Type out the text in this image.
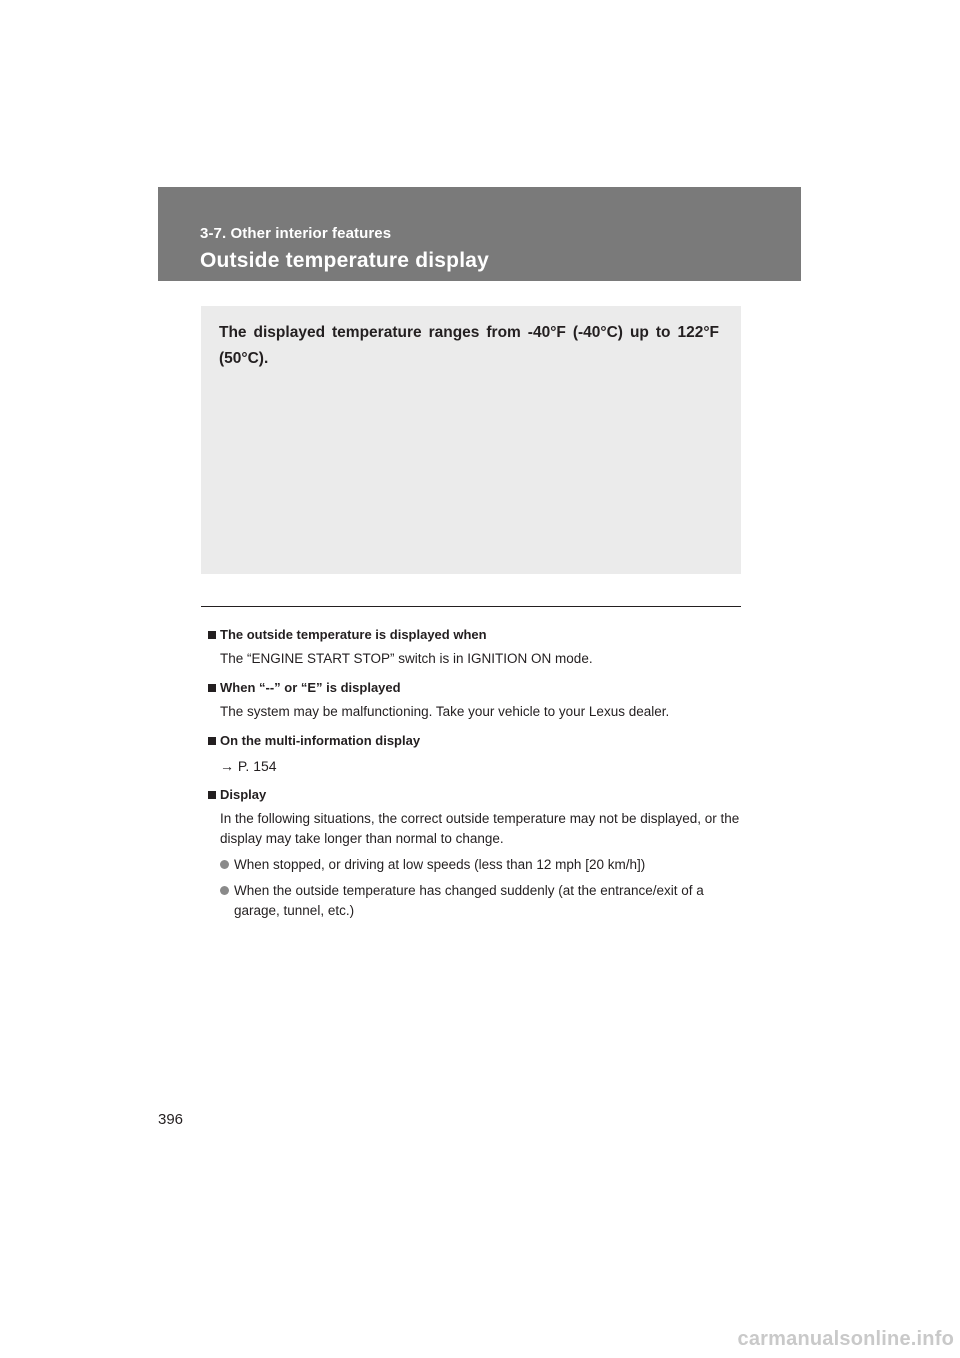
3-7. Other interior features
Outside temperature display

The displayed temperature ranges from -40°F (-40°C) up to 122°F (50°C).

The outside temperature is displayed when

The “ENGINE START STOP” switch is in IGNITION ON mode.

When “--” or “E” is displayed

The system may be malfunctioning. Take your vehicle to your Lexus dealer.

On the multi-information display

→ P. 154

Display

In the following situations, the correct outside temperature may not be displayed, or the display may take longer than normal to change.

When stopped, or driving at low speeds (less than 12 mph [20 km/h])
When the outside temperature has changed suddenly (at the entrance/exit of a garage, tunnel, etc.)
396
carmanualsonline.info
